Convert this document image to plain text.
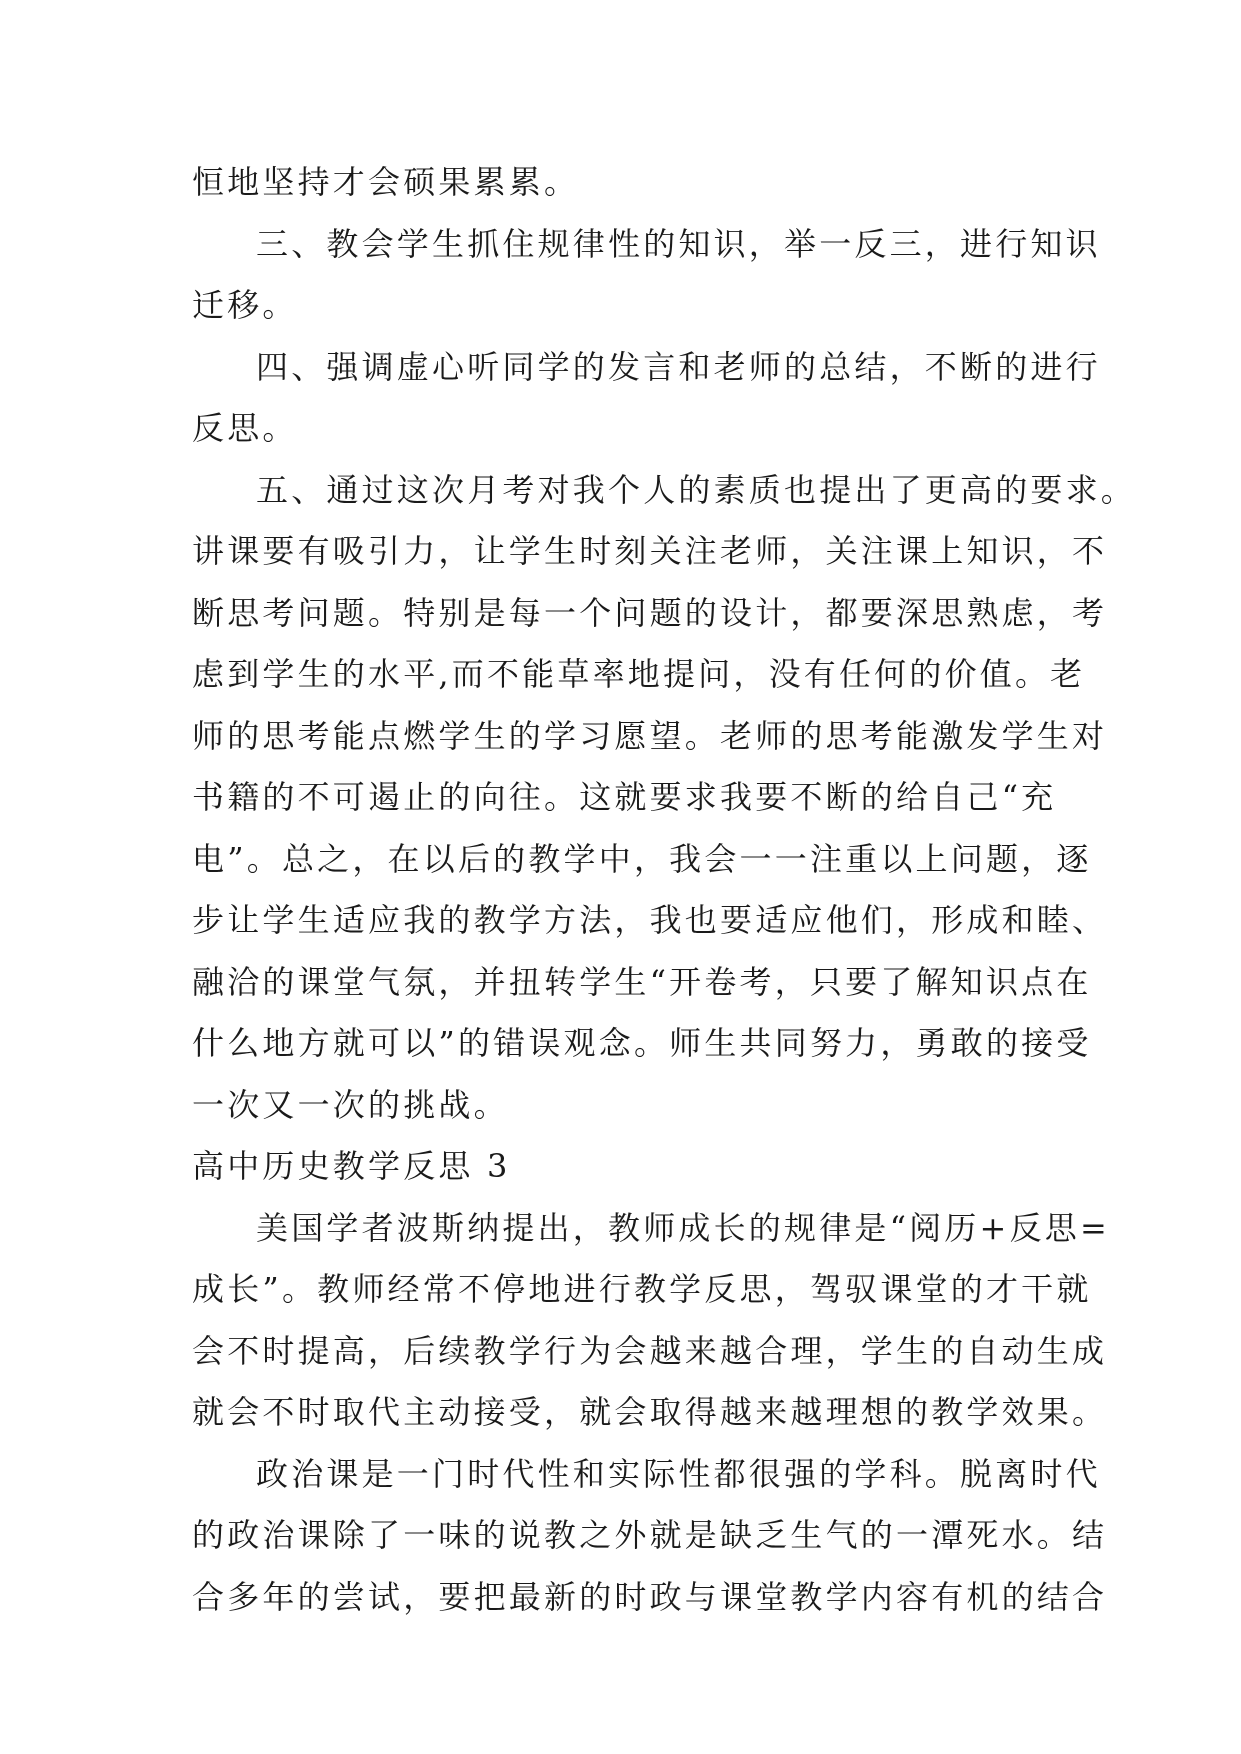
恒地坚持才会硕果累累。
三、教会学生抓住规律性的知识，举一反三，进行知识
迁移。
四、强调虚心听同学的发言和老师的总结，不断的进行
反思。
五、通过这次月考对我个人的素质也提出了更高的要求。
讲课要有吸引力，让学生时刻关注老师，关注课上知识，不
断思考问题。特别是每一个问题的设计，都要深思熟虑，考
虑到学生的水平,而不能草率地提问，没有任何的价值。老
师的思考能点燃学生的学习愿望。老师的思考能激发学生对
书籍的不可遏止的向往。这就要求我要不断的给自己“充
电”。总之，在以后的教学中，我会一一注重以上问题，逐
步让学生适应我的教学方法，我也要适应他们，形成和睦、
融洽的课堂气氛，并扭转学生“开卷考，只要了解知识点在
什么地方就可以”的错误观念。师生共同努力，勇敢的接受
一次又一次的挑战。
高中历史教学反思 3
美国学者波斯纳提出，教师成长的规律是“阅历+反思=
成长”。教师经常不停地进行教学反思，驾驭课堂的才干就
会不时提高，后续教学行为会越来越合理，学生的自动生成
就会不时取代主动接受，就会取得越来越理想的教学效果。
政治课是一门时代性和实际性都很强的学科。脱离时代
的政治课除了一味的说教之外就是缺乏生气的一潭死水。结
合多年的尝试，要把最新的时政与课堂教学内容有机的结合
